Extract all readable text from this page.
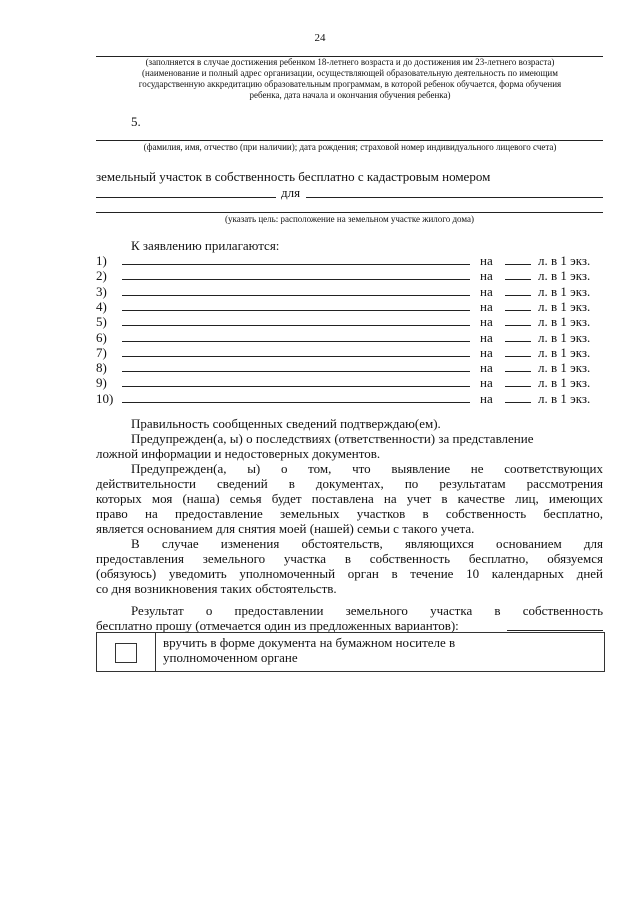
24
(заполняется в случае достижения ребенком 18-летнего возраста и до достижения им 23-летнего возраста)
(наименование и полный адрес организации, осуществляющей образовательную деятельность по имеющим
государственную аккредитацию образовательным программам, в которой ребенок обучается, форма обучения
ребенка, дата начала и окончания обучения ребенка)
5.
(фамилия, имя, отчество (при наличии); дата рождения; страховой номер индивидуального лицевого счета)
земельный участок в собственность бесплатно с кадастровым номером
для
(указать цель: расположение на земельном участке жилого дома)
К заявлению прилагаются:
1)	на	л. в 1 экз.
2)	на	л. в 1 экз.
3)	на	л. в 1 экз.
4)	на	л. в 1 экз.
5)	на	л. в 1 экз.
6)	на	л. в 1 экз.
7)	на	л. в 1 экз.
8)	на	л. в 1 экз.
9)	на	л. в 1 экз.
10)	на	л. в 1 экз.
Правильность сообщенных сведений подтверждаю(ем).
Предупрежден(а, ы) о последствиях (ответственности) за представление
ложной информации и недостоверных документов.
Предупрежден(а, ы) о том, что выявление не соответствующих
действительности сведений в документах, по результатам рассмотрения
которых моя (наша) семья будет поставлена на учет в качестве лиц, имеющих
право на предоставление земельных участков в собственность бесплатно,
является основанием для снятия моей (нашей) семьи с такого учета.
В случае изменения обстоятельств, являющихся основанием для
предоставления земельного участка в собственность бесплатно, обязуемся
(обязуюсь) уведомить уполномоченный орган в течение 10 календарных дней
со дня возникновения таких обстоятельств.
Результат о предоставлении земельного участка в собственность
бесплатно прошу (отмечается один из предложенных вариантов):
вручить в форме документа на бумажном носителе в
уполномоченном органе
